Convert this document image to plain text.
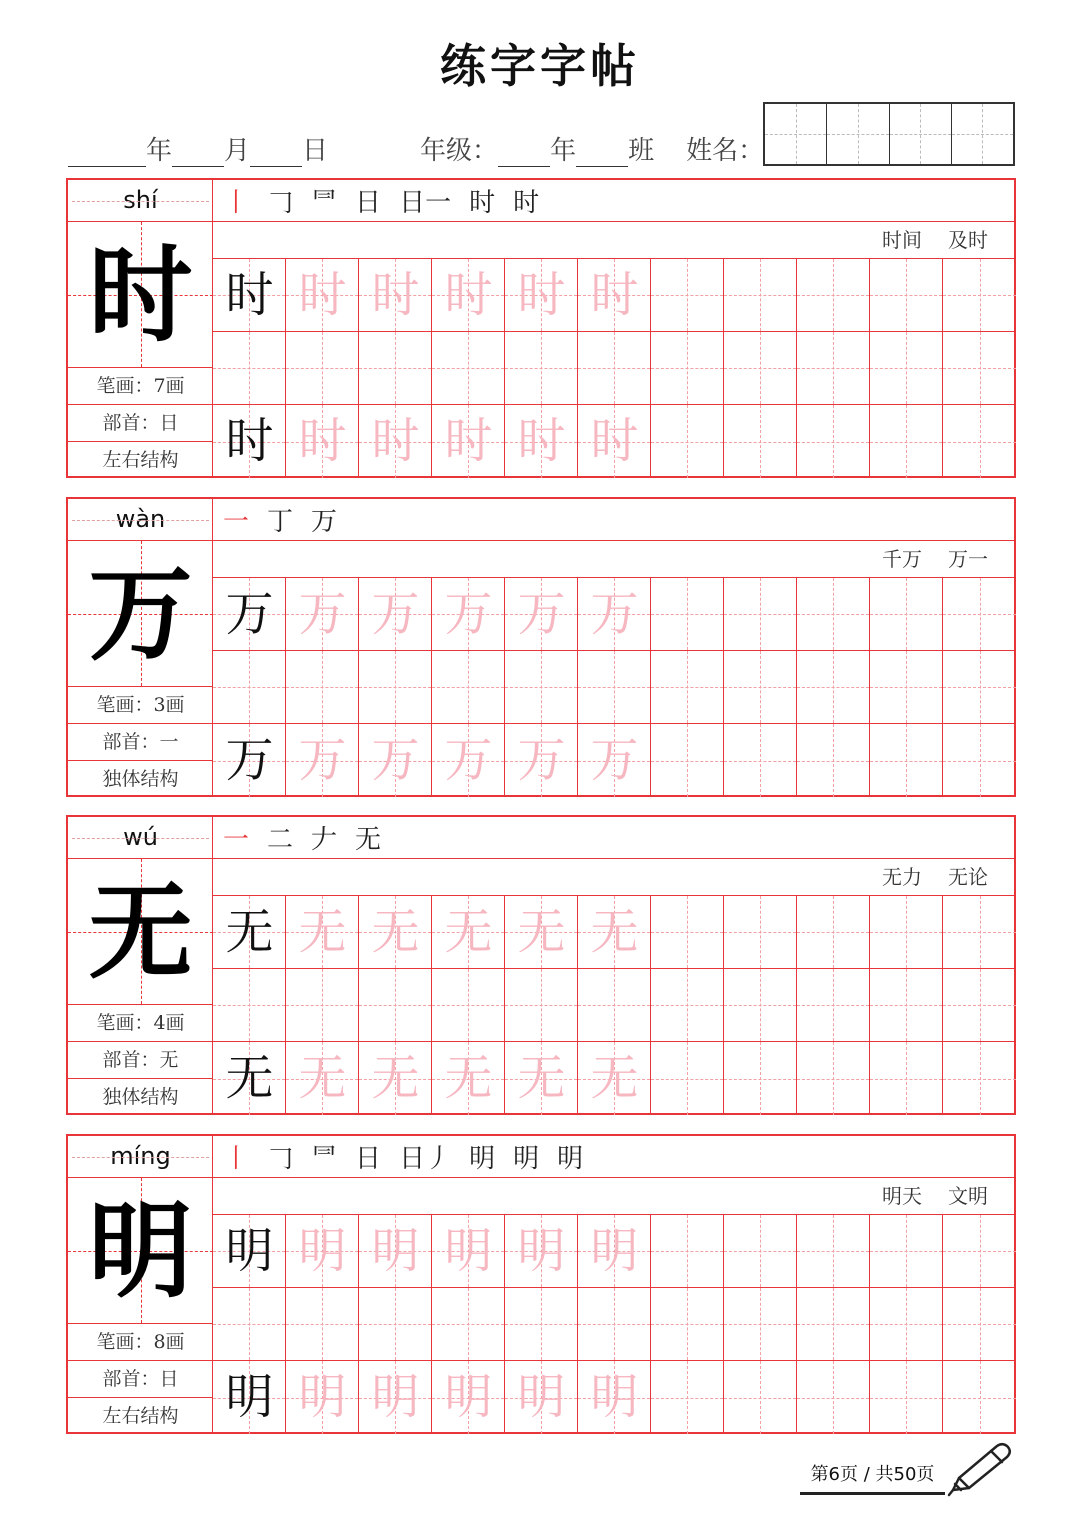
练字字帖
年 月 日	年级： 年 班 姓名：
shí
时
笔画：7画
部首：日
左右结构
丨 𠃌 ⺜ 日 日一 时 时
时间 及时
时 时 时 时 时 时
时 时 时 时 时 时
wàn
万
笔画：3画
部首：一
独体结构
一 丁 万
千万 万一
万 万 万 万 万 万
万 万 万 万 万 万
wú
无
笔画：4画
部首：无
独体结构
一 二 𠂇 无
无力 无论
无 无 无 无 无 无
无 无 无 无 无 无
míng
明
笔画：8画
部首：日
左右结构
丨 𠃌 ⺜ 日 日丿 明 明 明
明天 文明
明 明 明 明 明 明
明 明 明 明 明 明
第6页 / 共50页
